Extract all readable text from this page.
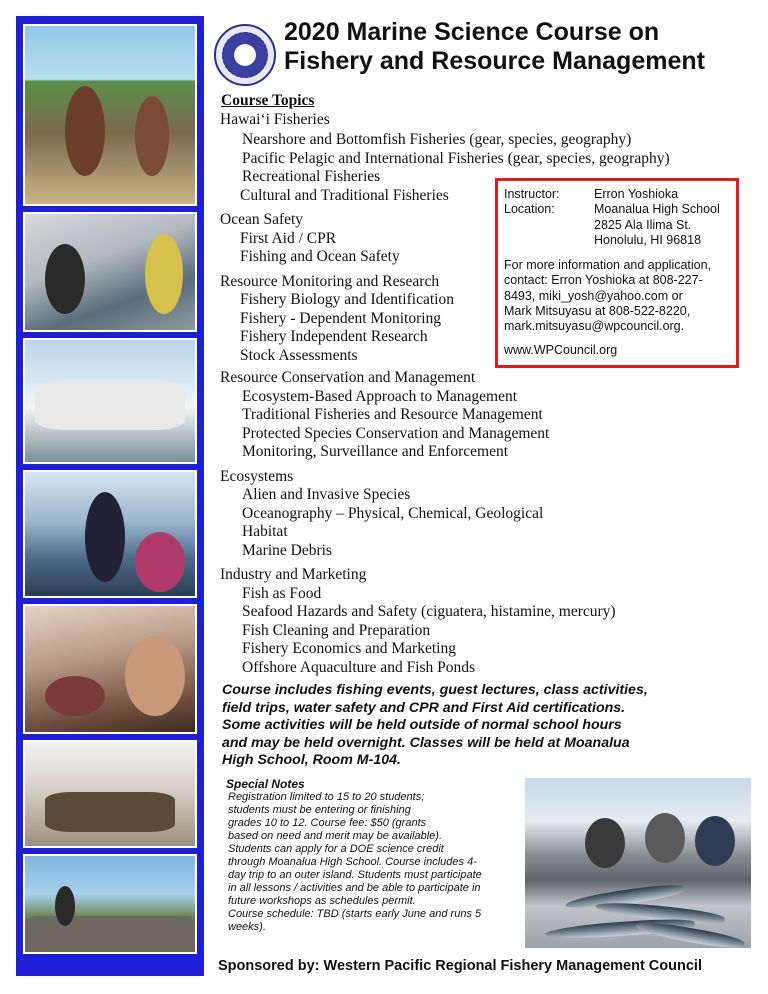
2020 Marine Science Course on
Fishery and Resource Management
Course Topics
Hawai‘i Fisheries
Nearshore and Bottomfish Fisheries (gear, species, geography)
Pacific Pelagic and International Fisheries (gear, species, geography)
Recreational Fisheries
Cultural and Traditional Fisheries
Ocean Safety
First Aid / CPR
Fishing and Ocean Safety
Resource Monitoring and Research
Fishery Biology and Identification
Fishery - Dependent Monitoring
Fishery Independent Research
Stock Assessments
Resource Conservation and Management
Ecosystem-Based Approach to Management
Traditional Fisheries and Resource Management
Protected Species Conservation and Management
Monitoring, Surveillance and Enforcement
Ecosystems
Alien and Invasive Species
Oceanography – Physical, Chemical, Geological
Habitat
Marine Debris
Industry and Marketing
Fish as Food
Seafood Hazards and Safety (ciguatera, histamine, mercury)
Fish Cleaning and Preparation
Fishery Economics and Marketing
Offshore Aquaculture and Fish Ponds
Instructor:	Erron Yoshioka
Location:	Moanalua High School
2825 Ala Ilima St.
Honolulu, HI 96818
For more information and application,
contact: Erron Yoshioka at 808-227-
8493, miki_yosh@yahoo.com or
Mark Mitsuyasu at 808-522-8220,
mark.mitsuyasu@wpcouncil.org.
www.WPCouncil.org
Course includes fishing events, guest lectures, class activities,
field trips, water safety and CPR and First Aid certifications.
Some activities will be held outside of normal school hours
and may be held overnight. Classes will be held at Moanalua
High School, Room M-104.
Special Notes
Registration limited to 15 to 20 students;
students must be entering or finishing
grades 10 to 12. Course fee: $50 (grants
based on need and merit may be available).
Students can apply for a DOE science credit
through Moanalua High School. Course includes 4-
day trip to an outer island. Students must participate
in all lessons / activities and be able to participate in
future workshops as schedules permit.
Course schedule: TBD (starts early June and runs 5
weeks).
Sponsored by: Western Pacific Regional Fishery Management Council
